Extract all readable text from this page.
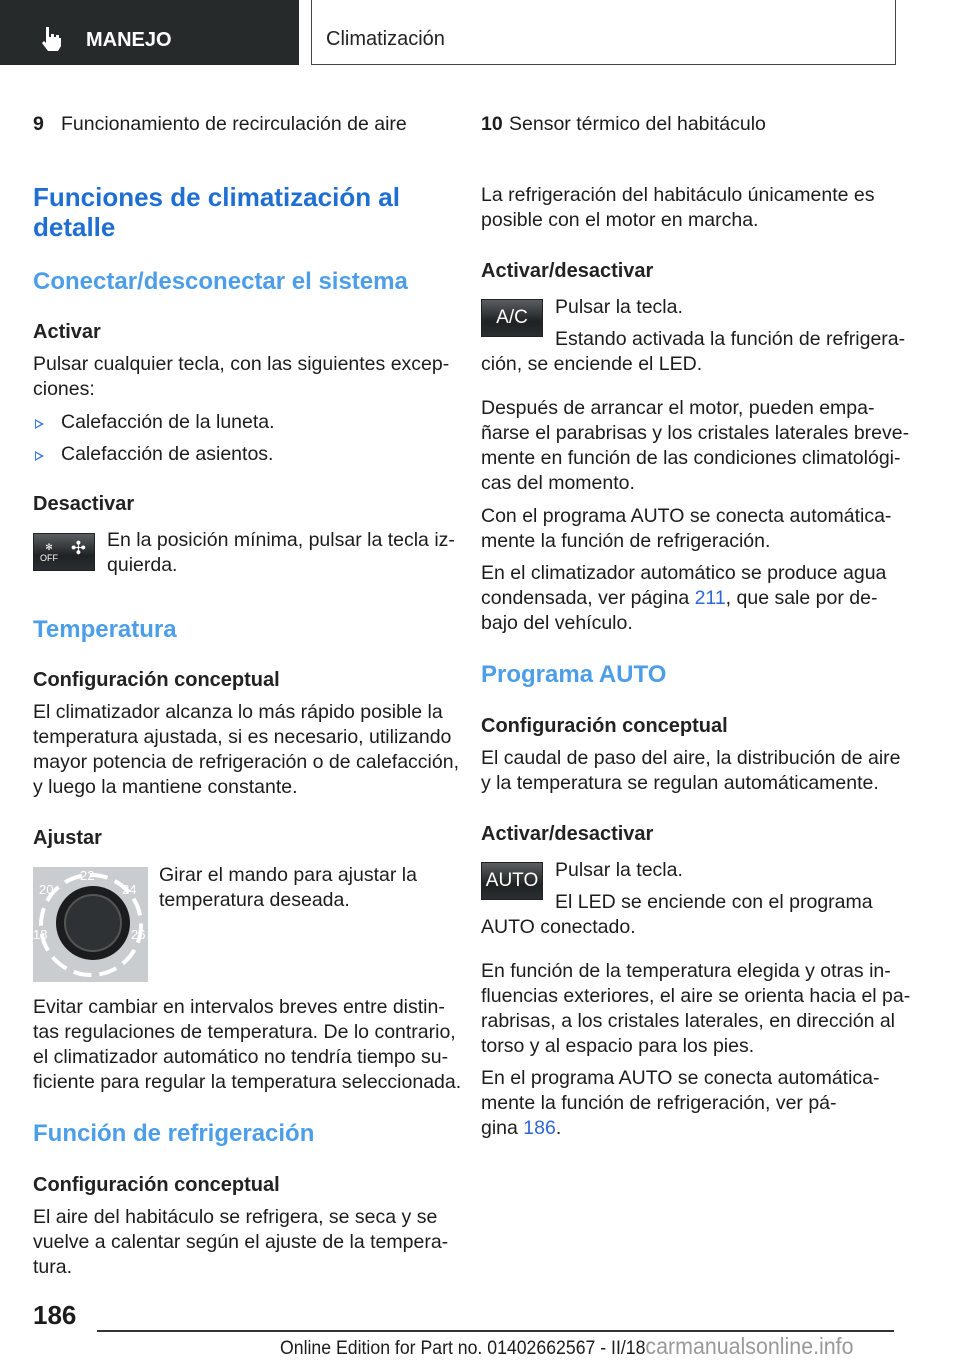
MANEJO	Climatización
9 Funcionamiento de recirculación de aire
Funciones de climatización al
detalle
Conectar/desconectar el sistema
Activar
Pulsar cualquier tecla, con las siguientes excep-
ciones:
Calefacción de la luneta.
Calefacción de asientos.
Desactivar
En la posición mínima, pulsar la tecla iz-
quierda.
Temperatura
Configuración conceptual
El climatizador alcanza lo más rápido posible la
temperatura ajustada, si es necesario, utilizando
mayor potencia de refrigeración o de calefacción,
y luego la mantiene constante.
Ajustar
Girar el mando para ajustar la
temperatura deseada.
Evitar cambiar en intervalos breves entre distin-
tas regulaciones de temperatura. De lo contrario,
el climatizador automático no tendría tiempo su-
ficiente para regular la temperatura seleccionada.
Función de refrigeración
Configuración conceptual
El aire del habitáculo se refrigera, se seca y se
vuelve a calentar según el ajuste de la tempera-
tura.
10 Sensor térmico del habitáculo
La refrigeración del habitáculo únicamente es
posible con el motor en marcha.
Activar/desactivar
Pulsar la tecla.
Estando activada la función de refrigera-
ción, se enciende el LED.
Después de arrancar el motor, pueden empa-
ñarse el parabrisas y los cristales laterales breve-
mente en función de las condiciones climatológi-
cas del momento.
Con el programa AUTO se conecta automática-
mente la función de refrigeración.
En el climatizador automático se produce agua
condensada, ver página 211, que sale por de-
bajo del vehículo.
Programa AUTO
Configuración conceptual
El caudal de paso del aire, la distribución de aire
y la temperatura se regulan automáticamente.
Activar/desactivar
Pulsar la tecla.
El LED se enciende con el programa
AUTO conectado.
En función de la temperatura elegida y otras in-
fluencias exteriores, el aire se orienta hacia el pa-
rabrisas, a los cristales laterales, en dirección al
torso y al espacio para los pies.
En el programa AUTO se conecta automática-
mente la función de refrigeración, ver pá-
gina 186.
✻
OFF ✣
18
20
22
24
26
A/C
AUTO
186
Online Edition for Part no. 01402662567 - II/18carmanualsonline.info
